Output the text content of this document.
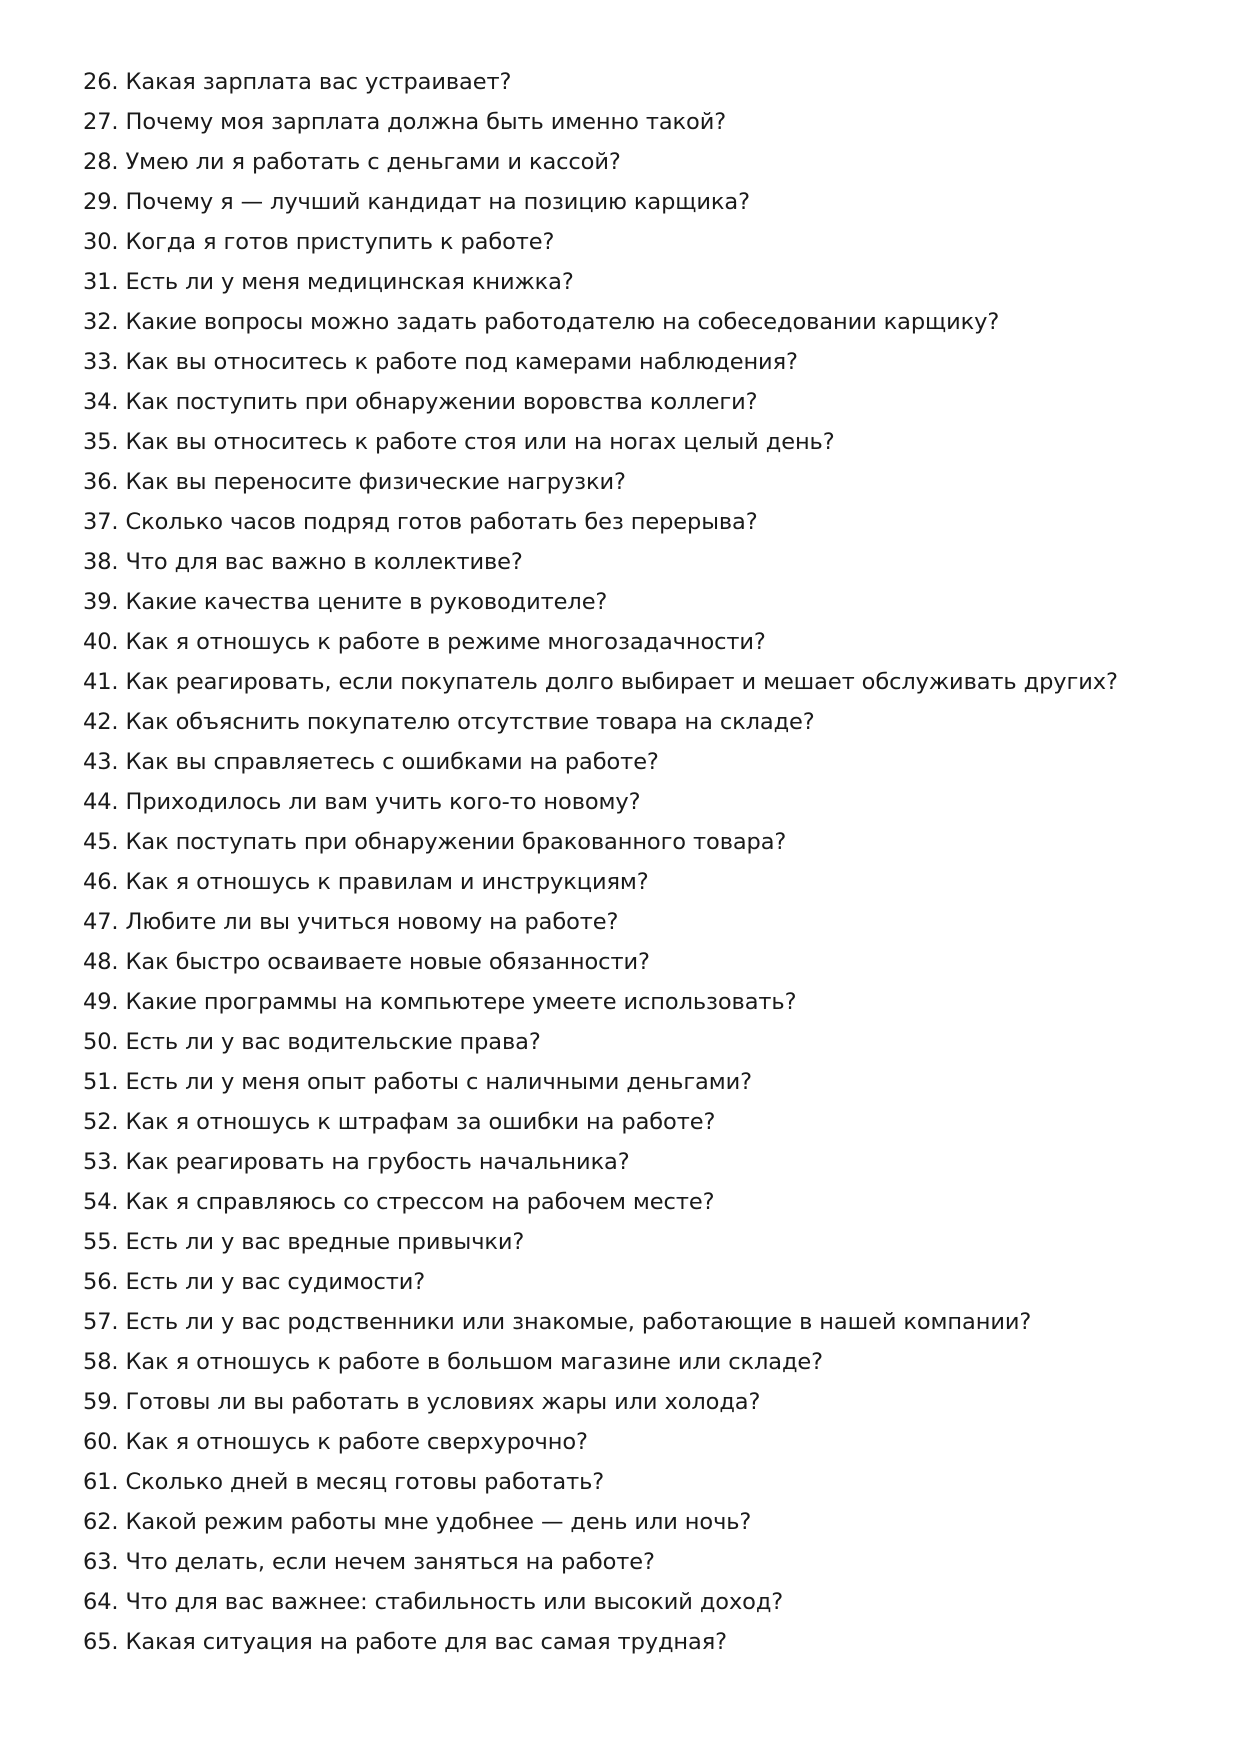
26. Какая зарплата вас устраивает?
27. Почему моя зарплата должна быть именно такой?
28. Умею ли я работать с деньгами и кассой?
29. Почему я — лучший кандидат на позицию карщика?
30. Когда я готов приступить к работе?
31. Есть ли у меня медицинская книжка?
32. Какие вопросы можно задать работодателю на собеседовании карщику?
33. Как вы относитесь к работе под камерами наблюдения?
34. Как поступить при обнаружении воровства коллеги?
35. Как вы относитесь к работе стоя или на ногах целый день?
36. Как вы переносите физические нагрузки?
37. Сколько часов подряд готов работать без перерыва?
38. Что для вас важно в коллективе?
39. Какие качества цените в руководителе?
40. Как я отношусь к работе в режиме многозадачности?
41. Как реагировать, если покупатель долго выбирает и мешает обслуживать других?
42. Как объяснить покупателю отсутствие товара на складе?
43. Как вы справляетесь с ошибками на работе?
44. Приходилось ли вам учить кого-то новому?
45. Как поступать при обнаружении бракованного товара?
46. Как я отношусь к правилам и инструкциям?
47. Любите ли вы учиться новому на работе?
48. Как быстро осваиваете новые обязанности?
49. Какие программы на компьютере умеете использовать?
50. Есть ли у вас водительские права?
51. Есть ли у меня опыт работы с наличными деньгами?
52. Как я отношусь к штрафам за ошибки на работе?
53. Как реагировать на грубость начальника?
54. Как я справляюсь со стрессом на рабочем месте?
55. Есть ли у вас вредные привычки?
56. Есть ли у вас судимости?
57. Есть ли у вас родственники или знакомые, работающие в нашей компании?
58. Как я отношусь к работе в большом магазине или складе?
59. Готовы ли вы работать в условиях жары или холода?
60. Как я отношусь к работе сверхурочно?
61. Сколько дней в месяц готовы работать?
62. Какой режим работы мне удобнее — день или ночь?
63. Что делать, если нечем заняться на работе?
64. Что для вас важнее: стабильность или высокий доход?
65. Какая ситуация на работе для вас самая трудная?
